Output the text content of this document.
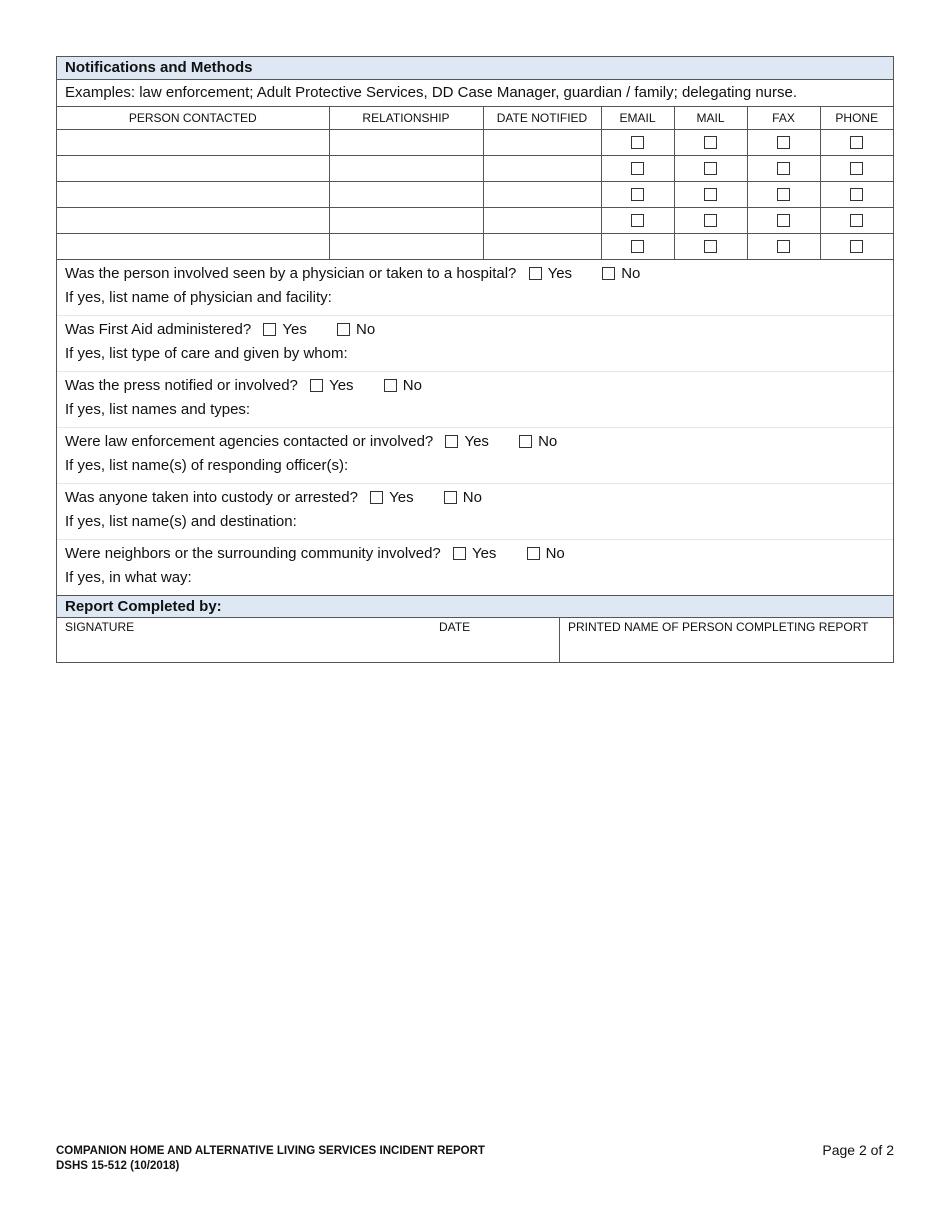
Notifications and Methods
Examples: law enforcement; Adult Protective Services, DD Case Manager, guardian / family; delegating nurse.
PERSON CONTACTED	RELATIONSHIP	DATE NOTIFIED	EMAIL	MAIL	FAX	PHONE

Was the person involved seen by a physician or taken to a hospital? Yes	No
If yes, list name of physician and facility:
Was First Aid administered? Yes	No
If yes, list type of care and given by whom:
Was the press notified or involved? Yes	No
If yes, list names and types:
Were law enforcement agencies contacted or involved? Yes	No
If yes, list name(s) of responding officer(s):
Was anyone taken into custody or arrested? Yes	No
If yes, list name(s) and destination:
Were neighbors or the surrounding community involved? Yes	No
If yes, in what way:
Report Completed by:
SIGNATURE	DATE	PRINTED NAME OF PERSON COMPLETING REPORT
COMPANION HOME AND ALTERNATIVE LIVING SERVICES INCIDENT REPORT
DSHS 15-512 (10/2018)
Page 2 of 2
